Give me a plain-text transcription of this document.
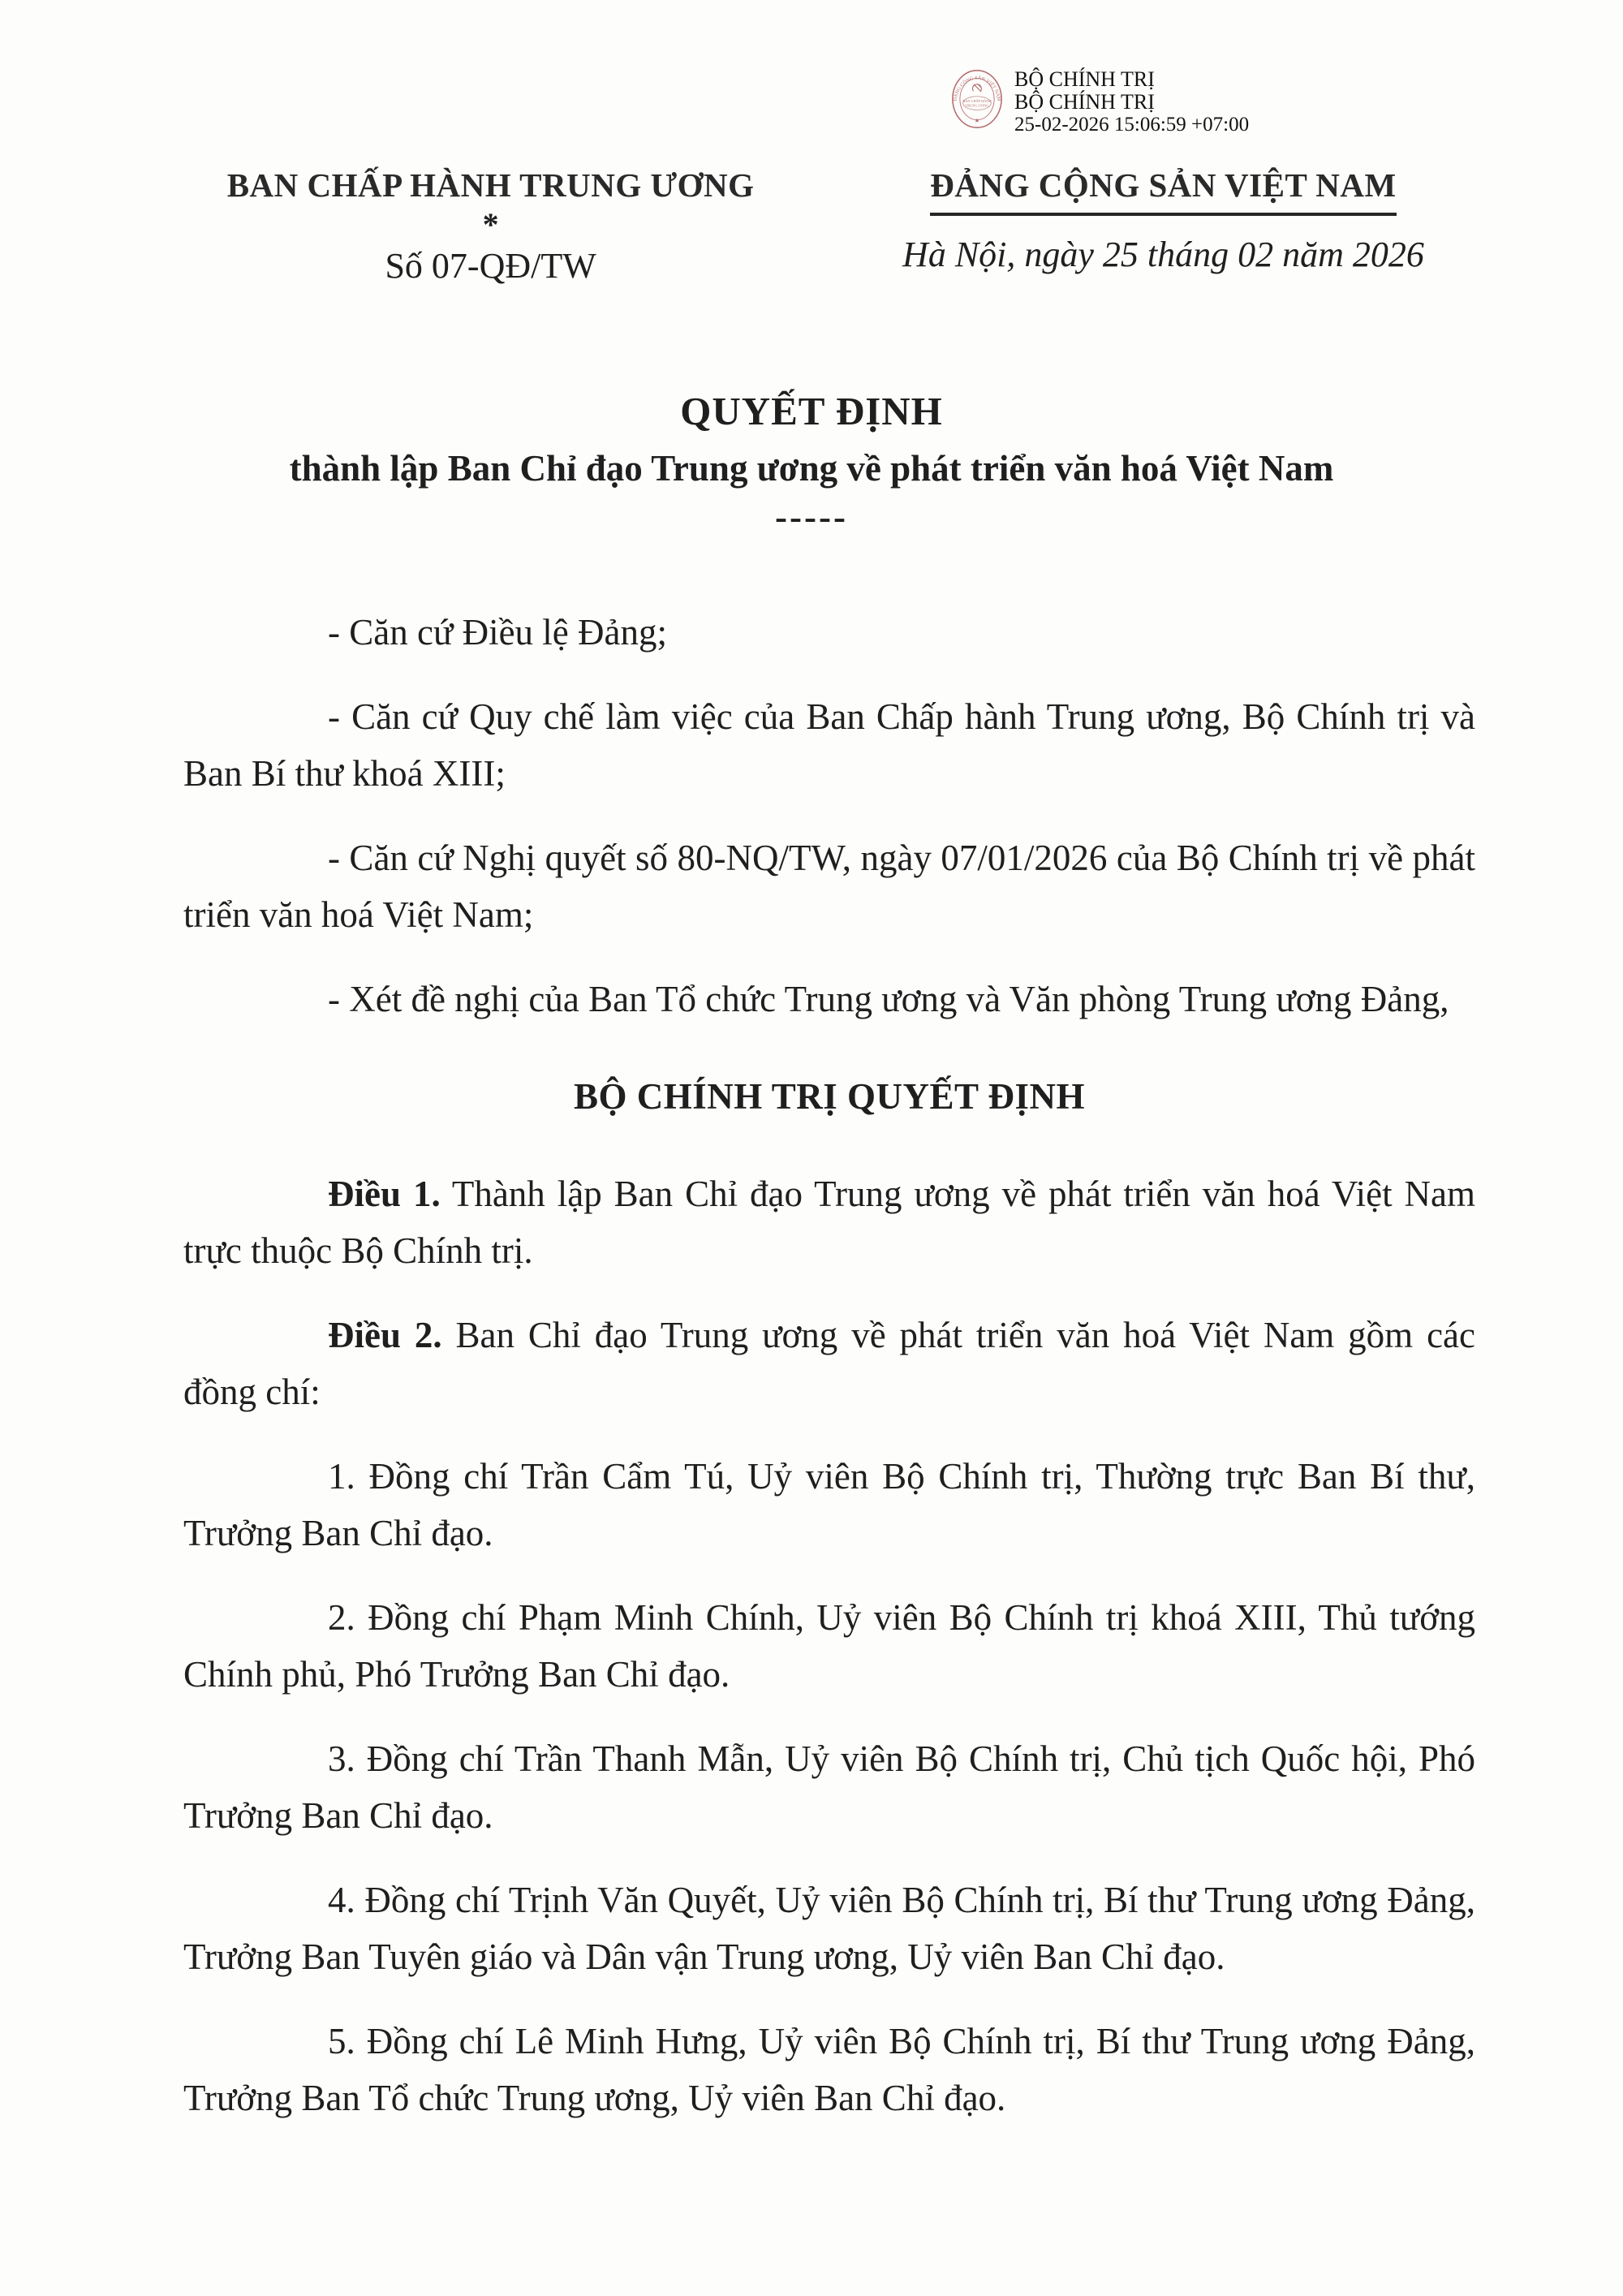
ĐẢNG CỘNG SẢN VIỆT NAM
BAN CHẤP HÀNH
TRUNG ƯƠNG
★
BỘ CHÍNH TRỊ
BỘ CHÍNH TRỊ
25-02-2026 15:06:59 +07:00
BAN CHẤP HÀNH TRUNG ƯƠNG
*
Số 07-QĐ/TW
ĐẢNG CỘNG SẢN VIỆT NAM
Hà Nội, ngày 25 tháng 02 năm 2026
QUYẾT ĐỊNH
thành lập Ban Chỉ đạo Trung ương về phát triển văn hoá Việt Nam
-----

- Căn cứ Điều lệ Đảng;

- Căn cứ Quy chế làm việc của Ban Chấp hành Trung ương, Bộ Chính trị và Ban Bí thư khoá XIII;

- Căn cứ Nghị quyết số 80-NQ/TW, ngày 07/01/2026 của Bộ Chính trị về phát triển văn hoá Việt Nam;

- Xét đề nghị của Ban Tổ chức Trung ương và Văn phòng Trung ương Đảng,

BỘ CHÍNH TRỊ QUYẾT ĐỊNH

Điều 1. Thành lập Ban Chỉ đạo Trung ương về phát triển văn hoá Việt Nam trực thuộc Bộ Chính trị.

Điều 2. Ban Chỉ đạo Trung ương về phát triển văn hoá Việt Nam gồm các đồng chí:

1. Đồng chí Trần Cẩm Tú, Uỷ viên Bộ Chính trị, Thường trực Ban Bí thư, Trưởng Ban Chỉ đạo.

2. Đồng chí Phạm Minh Chính, Uỷ viên Bộ Chính trị khoá XIII, Thủ tướng Chính phủ, Phó Trưởng Ban Chỉ đạo.

3. Đồng chí Trần Thanh Mẫn, Uỷ viên Bộ Chính trị, Chủ tịch Quốc hội, Phó Trưởng Ban Chỉ đạo.

4. Đồng chí Trịnh Văn Quyết, Uỷ viên Bộ Chính trị, Bí thư Trung ương Đảng, Trưởng Ban Tuyên giáo và Dân vận Trung ương, Uỷ viên Ban Chỉ đạo.

5. Đồng chí Lê Minh Hưng, Uỷ viên Bộ Chính trị, Bí thư Trung ương Đảng, Trưởng Ban Tổ chức Trung ương, Uỷ viên Ban Chỉ đạo.
